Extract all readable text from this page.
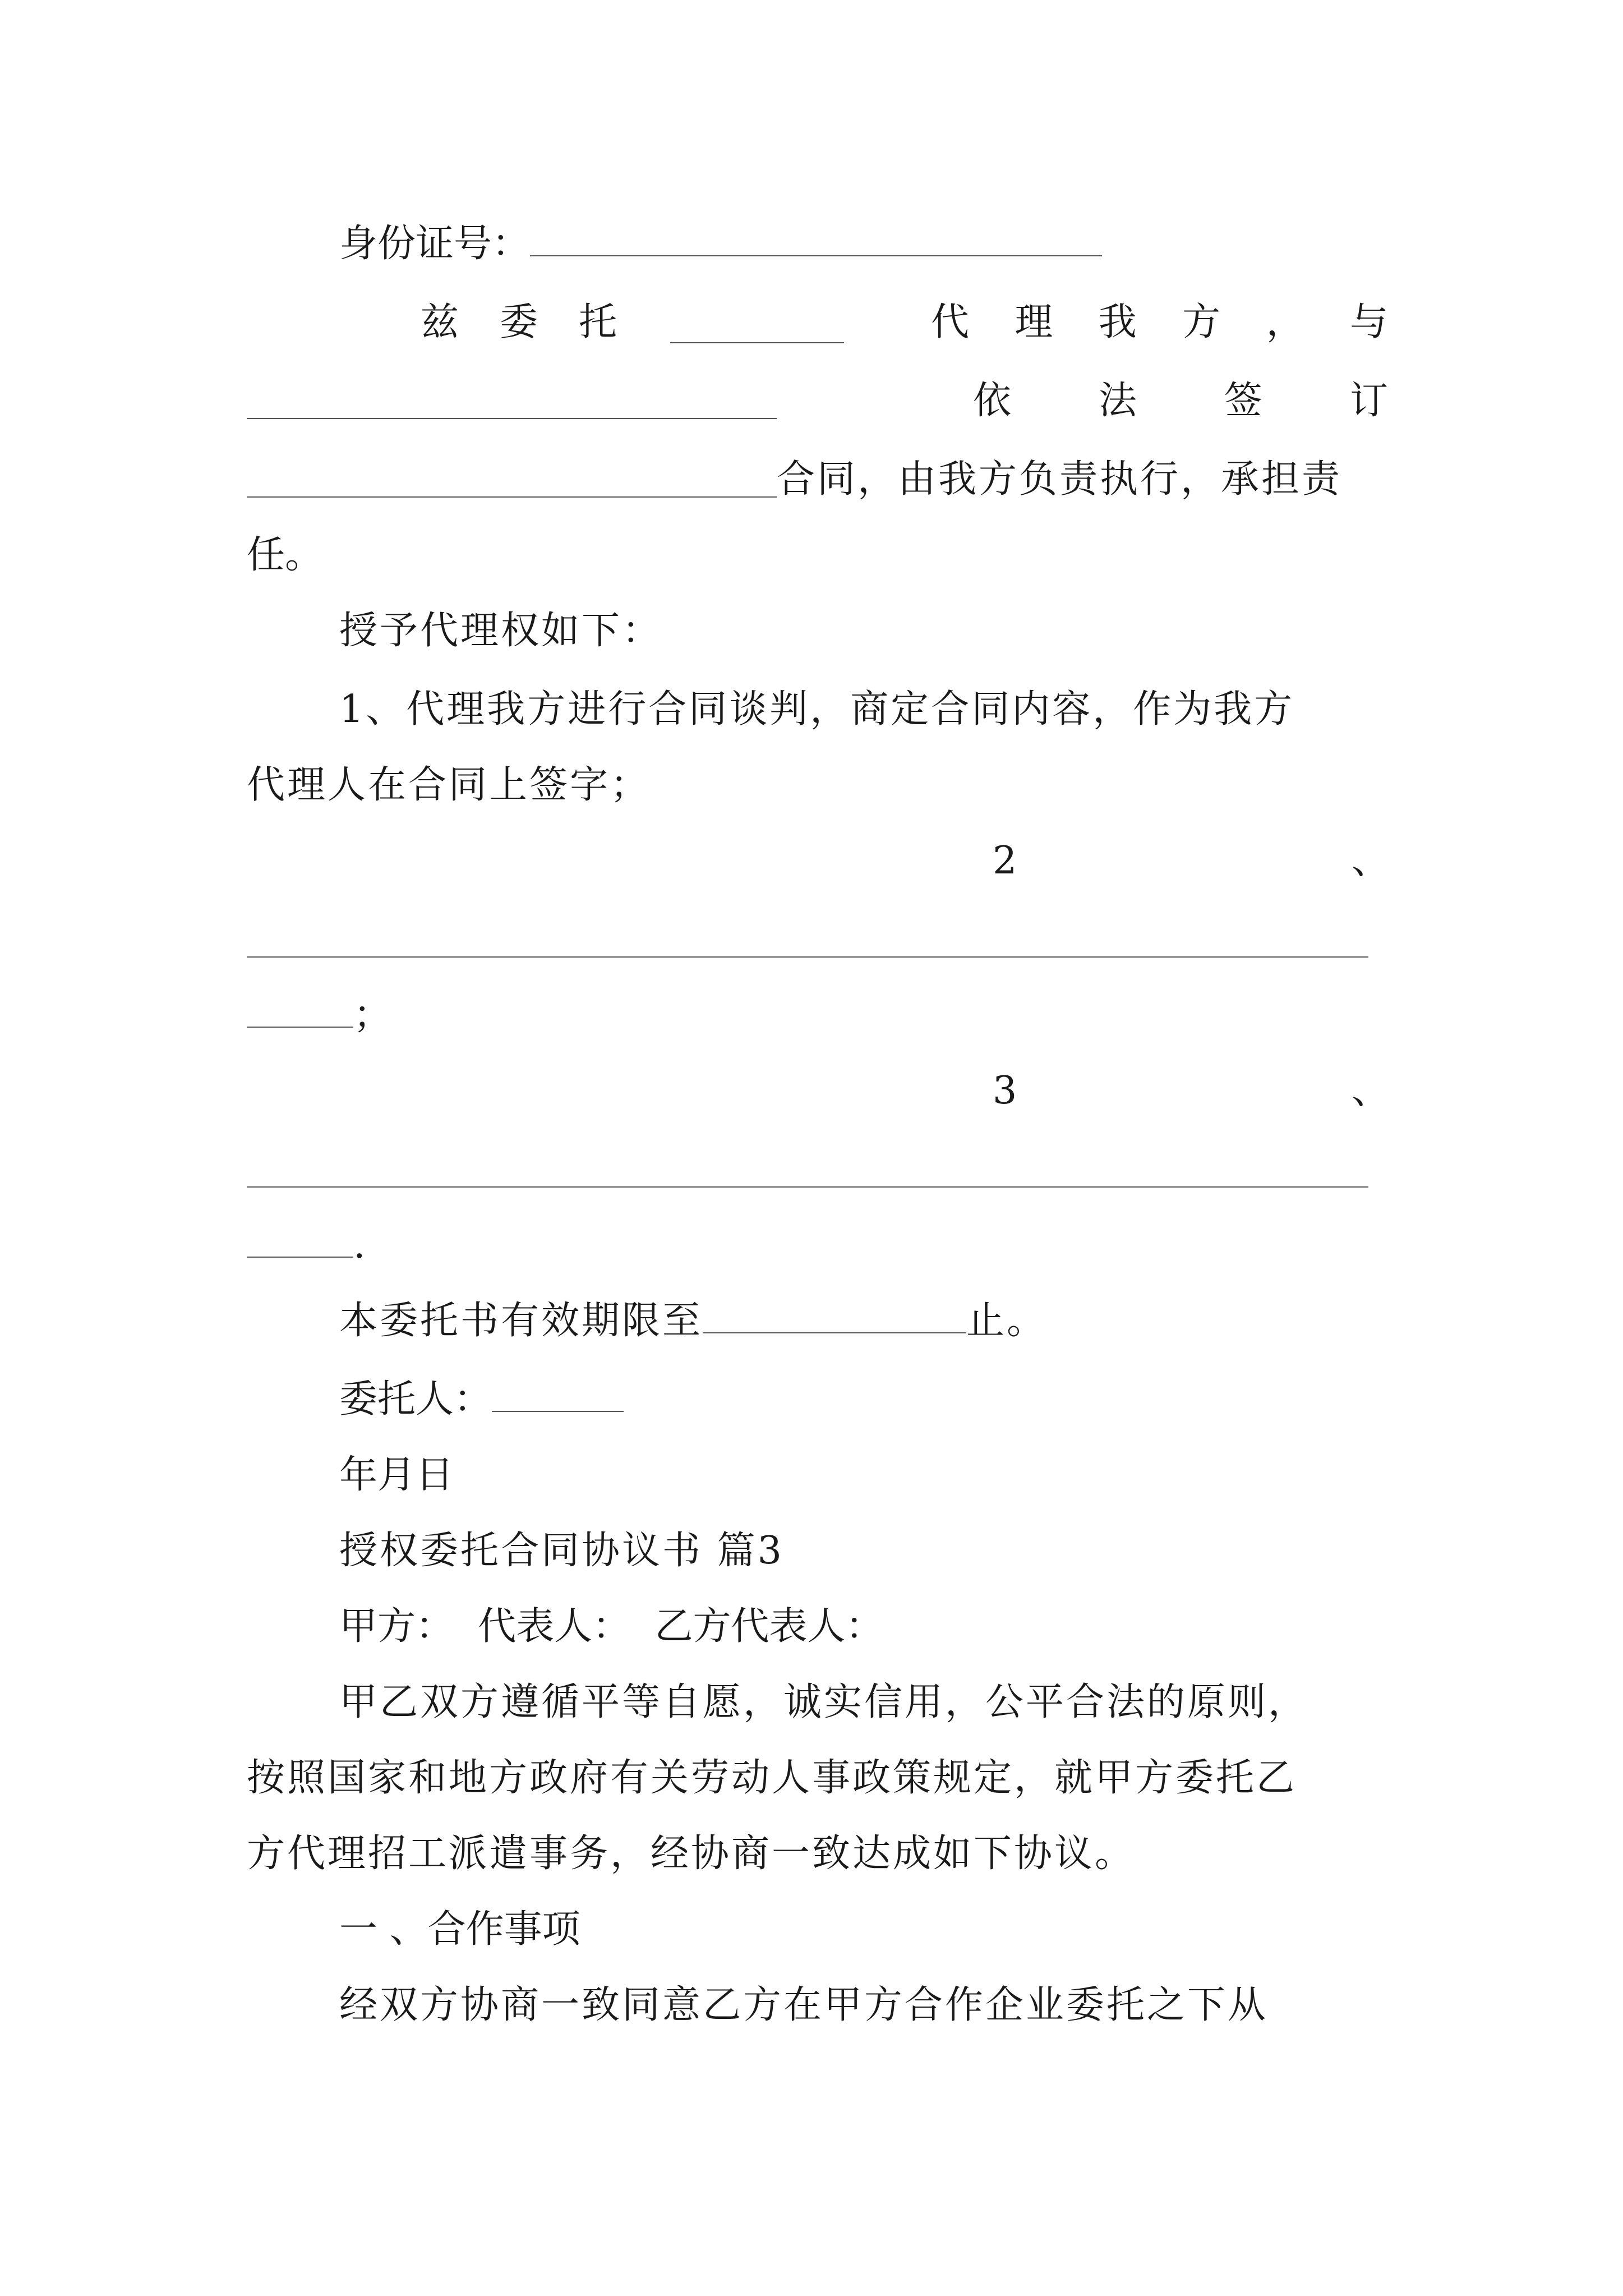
身份证号：
兹 委 托	代 理 我 方 ， 与
依 法 签 订
合同，由我方负责执行，承担责
任。
授予代理权如下：
1、代理我方进行合同谈判，商定合同内容，作为我方
代理人在合同上签字；
2	、
；
3	、
.
本委托书有效期限至	止。
委托人：
年月日
授权委托合同协议书 篇3
甲方：  代表人：  乙方代表人：
甲乙双方遵循平等自愿，诚实信用，公平合法的原则，
按照国家和地方政府有关劳动人事政策规定，就甲方委托乙
方代理招工派遣事务，经协商一致达成如下协议。
一 、合作事项
经双方协商一致同意乙方在甲方合作企业委托之下从
